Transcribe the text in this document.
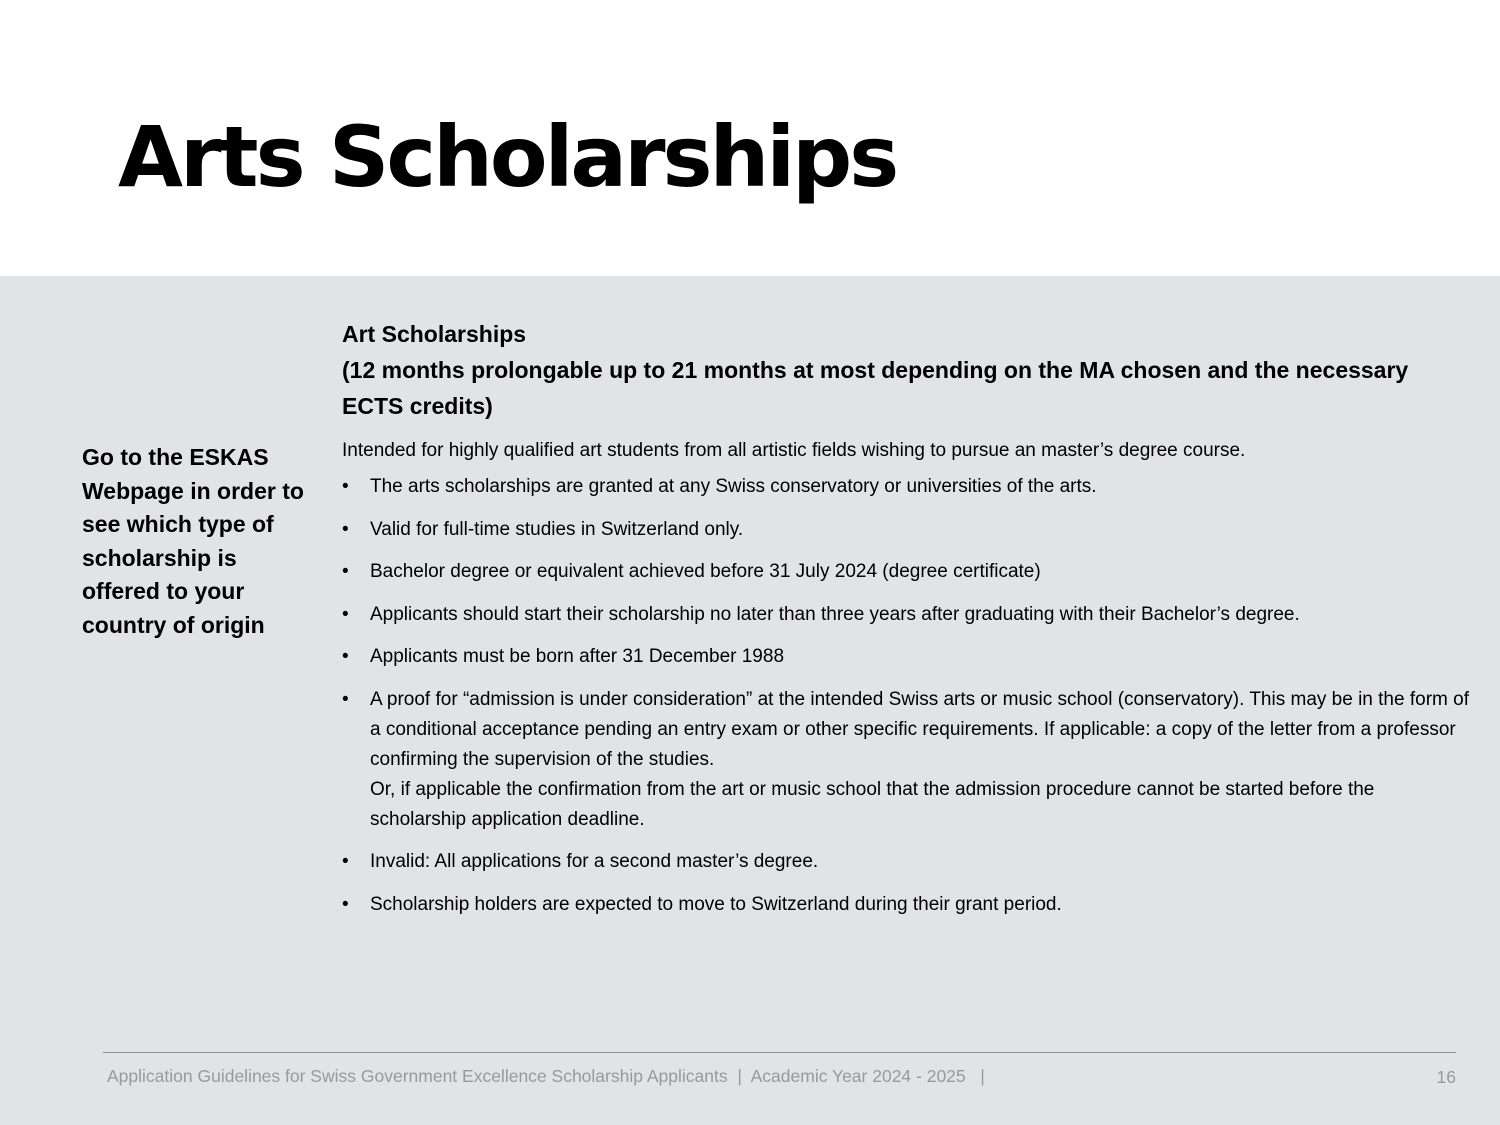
Arts Scholarships
Go to the ESKAS Webpage in order to see which type of scholarship is offered to your country of origin

Art Scholarships
(12 months prolongable up to 21 months at most depending on the MA chosen and the necessary ECTS credits)

Intended for highly qualified art students from all artistic fields wishing to pursue an master’s degree course.

• The arts scholarships are granted at any Swiss conservatory or universities of the arts.
• Valid for full-time studies in Switzerland only.
• Bachelor degree or equivalent achieved before 31 July 2024 (degree certificate)
• Applicants should start their scholarship no later than three years after graduating with their Bachelor’s degree.
• Applicants must be born after 31 December 1988
• A proof for “admission is under consideration” at the intended Swiss arts or music school (conservatory). This may be in the form of a conditional acceptance pending an entry exam or other specific requirements. If applicable: a copy of the letter from a professor confirming the supervision of the studies.
Or, if applicable the confirmation from the art or music school that the admission procedure cannot be started before the scholarship application deadline.
• Invalid: All applications for a second master’s degree.
• Scholarship holders are expected to move to Switzerland during their grant period.
Application Guidelines for Swiss Government Excellence Scholarship Applicants  |  Academic Year 2024 - 2025   |	16
